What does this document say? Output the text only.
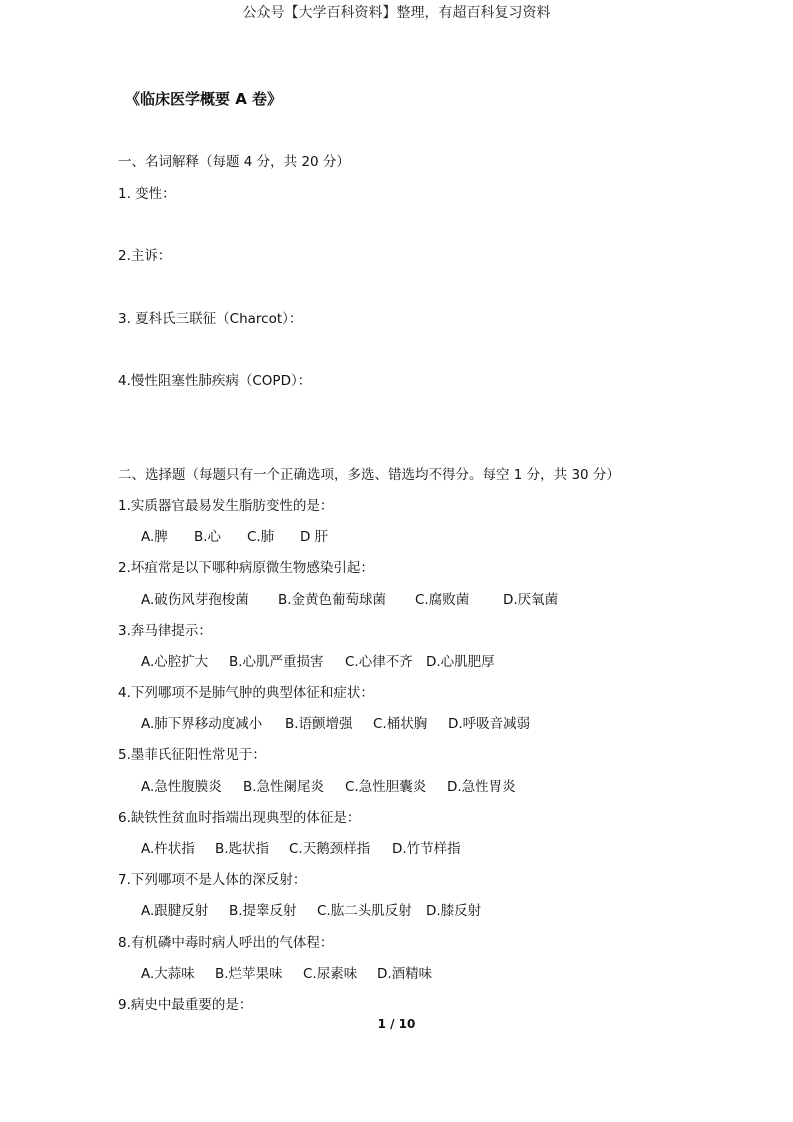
公众号【大学百科资料】整理，有超百科复习资料
《临床医学概要 A 卷》
一、名词解释（每题 4 分，共 20 分）
1. 变性：
2.主诉：
3. 夏科氏三联征（Charcot）：
4.慢性阻塞性肺疾病（COPD）：
二、选择题（每题只有一个正确选项，多选、错选均不得分。每空 1 分，共 30 分）
1.实质器官最易发生脂肪变性的是：
A.脾 B.心 C.肺 D 肝
2.坏疽常是以下哪种病原微生物感染引起：
A.破伤风芽孢梭菌 B.金黄色葡萄球菌 C.腐败菌	D.厌氧菌
3.奔马律提示：
A.心腔扩大 B.心肌严重损害 C.心律不齐 D.心肌肥厚
4.下列哪项不是肺气肿的典型体征和症状：
A.肺下界移动度减小 B.语颤增强 C.桶状胸 D.呼吸音减弱
5.墨菲氏征阳性常见于：
A.急性腹膜炎 B.急性阑尾炎 C.急性胆囊炎 D.急性胃炎
6.缺铁性贫血时指端出现典型的体征是：
A.杵状指 B.匙状指 C.天鹅颈样指 D.竹节样指
7.下列哪项不是人体的深反射：
A.跟腱反射 B.提睾反射 C.肱二头肌反射 D.膝反射
8.有机磷中毒时病人呼出的气体程：
A.大蒜味 B.烂苹果味 C.尿素味 D.酒精味
9.病史中最重要的是：
1 / 10
